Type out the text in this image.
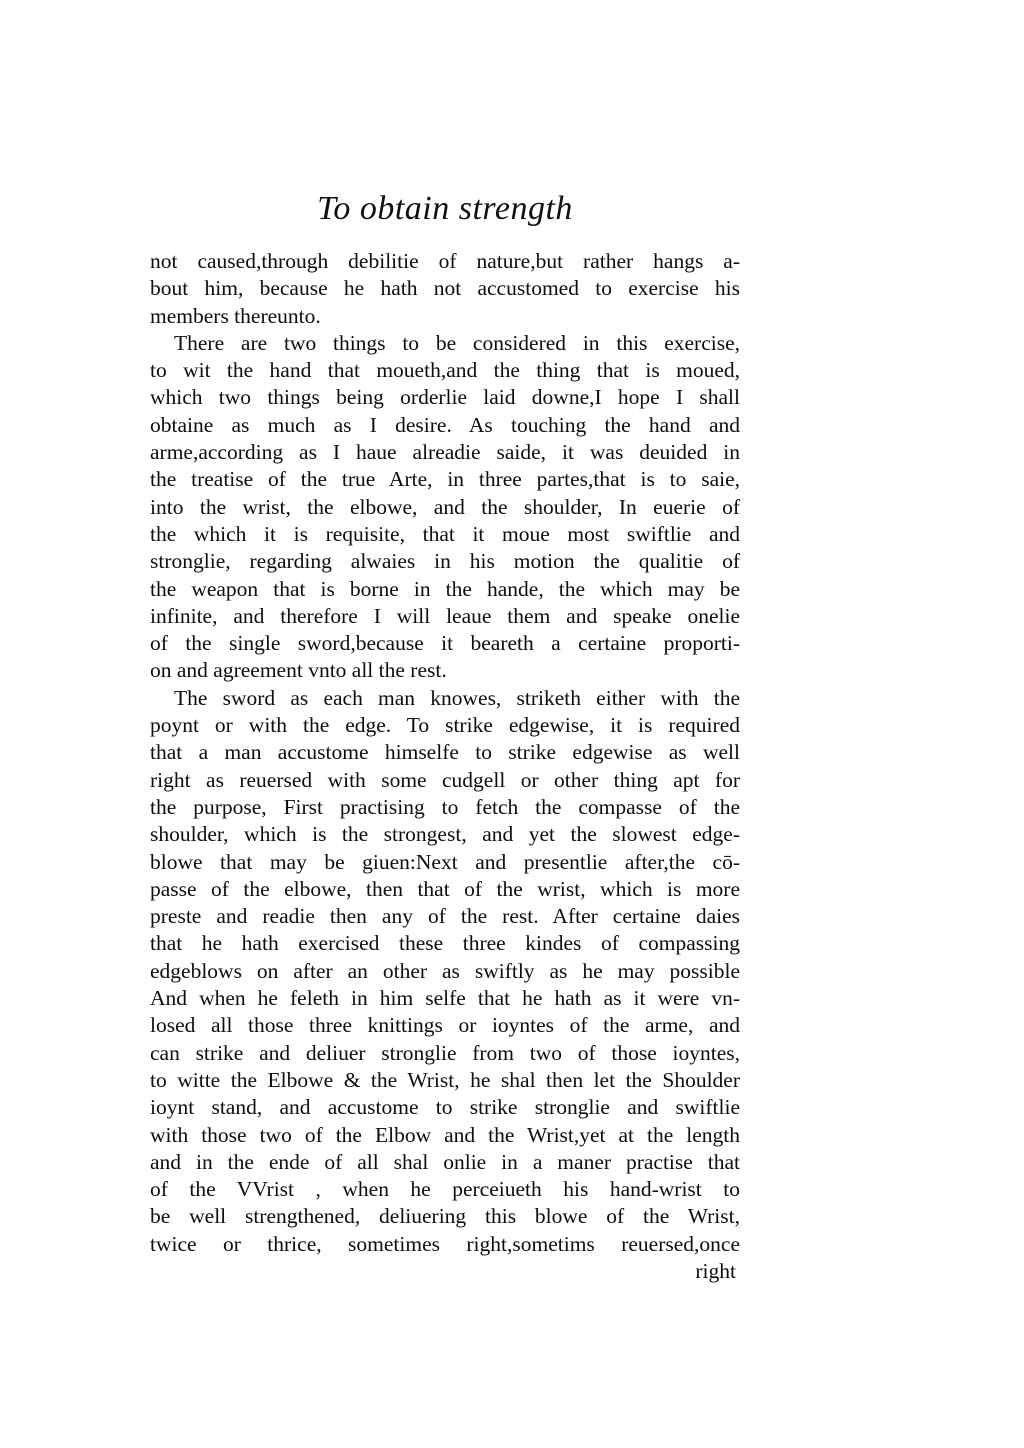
To obtain strength
not caused,through debilitie of nature,but rather hangs a-
bout him, because he hath not accustomed to exercise his
members thereunto.
There are two things to be considered in this exercise,
to wit the hand that moueth,and the thing that is moued,
which two things being orderlie laid downe,I hope I shall
obtaine as much as I desire. As touching the hand and
arme,according as I haue alreadie saide, it was deuided in
the treatise of the true Arte, in three partes,that is to saie,
into the wrist, the elbowe, and the shoulder, In euerie of
the which it is requisite, that it moue most swiftlie and
stronglie, regarding alwaies in his motion the qualitie of
the weapon that is borne in the hande, the which may be
infinite, and therefore I will leaue them and speake onelie
of the single sword,because it beareth a certaine proporti-
on and agreement vnto all the rest.
The sword as each man knowes, striketh either with the
poynt or with the edge. To strike edgewise, it is required
that a man accustome himselfe to strike edgewise as well
right as reuersed with some cudgell or other thing apt for
the purpose, First practising to fetch the compasse of the
shoulder, which is the strongest, and yet the slowest edge-
blowe that may be giuen:Next and presentlie after,the cō-
passe of the elbowe, then that of the wrist, which is more
preste and readie then any of the rest. After certaine daies
that he hath exercised these three kindes of compassing
edgeblows on after an other as swiftly as he may possible
And when he feleth in him selfe that he hath as it were vn-
losed all those three knittings or ioyntes of the arme, and
can strike and deliuer stronglie from two of those ioyntes,
to witte the Elbowe & the Wrist, he shal then let the Shoulder
ioynt stand, and accustome to strike stronglie and swiftlie
with those two of the Elbow and the Wrist,yet at the length
and in the ende of all shal onlie in a maner practise that
of the VVrist , when he perceiueth his hand-wrist to
be well strengthened, deliuering this blowe of the Wrist,
twice or thrice, sometimes right,sometims reuersed,once
right
